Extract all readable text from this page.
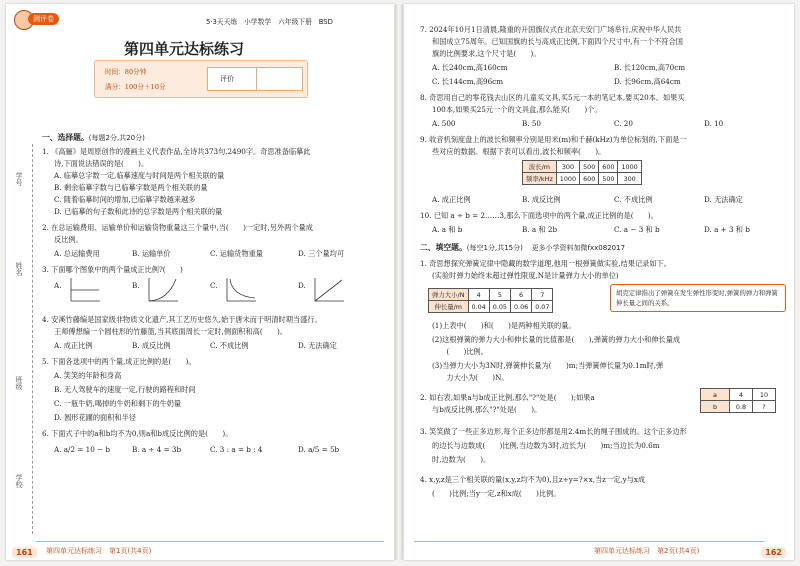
测评卷	5·3天天练　小学数学　六年级下册　BSD
第四单元达标练习
时间：80分钟
满分：100分＋10分
评价
学号
姓名
班级
学校
一、选择题。(每题2分,共20分)
1. 《高骊》是周原创作的漫画主义代表作品,全诗共373句,2490字。奇思准备临摹此
诗,下面说法错误的是(　　)。
A. 临摹总字数一定,临摹速度与时间是两个相关联的量
B. 剩余临摹字数与已临摹字数是两个相关联的量
C. 随着临摹时间的增加,已临摹字数越来越多
D. 已临摹的句子数和此诗的总字数是两个相关联的量
2. 在总运输费用、运输单价和运输货物重量这三个量中,当(　　)一定时,另外两个量成
反比例。
A. 总运输费用	B. 运输单价	C. 运输货物重量	D. 三个量均可
3. 下面哪个图象中的两个量成正比例?(　　)
A.	B.	C.	D.
4. 安溪竹藤编是国家级非物质文化遗产,其工艺历史悠久,始于唐末而于明清时期当盛行。
王师傅想编一个圆柱形的竹藤篮,当其底面周长一定时,侧面积和高(　　)。
A. 成正比例	B. 成反比例	C. 不成比例	D. 无法确定
5. 下面各选项中的两个量,成正比例的是(　　)。
A. 笑笑的年龄和身高
B. 无人驾驶车的速度一定,行驶的路程和时间
C. 一瓶牛奶,喝掉的牛奶和剩下的牛奶量
D. 圆形花圃的面积和半径
6. 下面式子中的a和b均不为0,则a和b成反比例的是(　　)。
A. a/2 = 10 − b	B. a ÷ 4 = 3b	C. 3 : a = b : 4	D. a/5 = 5b
161	第四单元达标练习　第1页(共4页)
7. 2024年10月1日清晨,隆重的升国旗仪式在北京天安门广场举行,庆祝中华人民共
和国成立75周年。已知国旗的长与高成正比例,下面四个尺寸中,有一个不符合国
旗的比例要求,这个尺寸是(　　)。
A. 长240cm,高160cm	B. 长120cm,高70cm
C. 长144cm,高96cm	D. 长96cm,高64cm
8. 奇思用自己的零花钱去山区的儿童买文具,买5元一本的笔记本,要买20本。如果买
100本,如果买25元一个的文具盒,那么能买(　　)个。
A. 500	B. 50	C. 20	D. 10
9. 收音机刻度盘上的波长和频率分别是用米(m)和千赫(kHz)为单位标刻的,下面是一
些对应的数据。根据下表可以看出,波长和频率(　　)。
波长/m	300	500	600	1000
频率/kHz	1000	600	500	300
A. 成正比例	B. 成反比例	C. 不成比例	D. 无法确定
10. 已知 a ÷ b = 2……3,那么下面选项中的两个量,成正比例的是(　　)。
A. a 和 b	B. a 和 2b	C. a − 3 和 b	D. a + 3 和 b
二、填空题。(每空1分,共15分) 更多小学资料加微fxx082017
1. 奇思想探究弹簧定律中隐藏的数学道理,他用一根弹簧做实验,结果记录如下。
(实验时弹力始终未超过弹性限度,N是计量弹力大小的单位)
弹力大小/N	4	5	6	7
伸长量/m	0.04	0.05	0.06	0.07
胡克定律指出了弹簧在发生弹性形变时,弹簧的弹力和弹簧伸长量之间的关系。
(1)上表中(　　)和(　　)是两种相关联的量。
(2)这根弹簧的弹力大小和伸长量的比值都是(　　),弹簧的弹力大小和伸长量成
　　(　　)比例。
(3)当弹力大小为3N时,弹簧伸长量为(　　)m;当弹簧伸长量为0.1m时,弹
　　力大小为(　　)N。
2. 如右表,如果a与b成正比例,那么"?"处是(　　);如果a
与b成反比例,那么"?"处是(　　)。
a	4	10
b	0.8	?
3. 笑笑做了一些正多边形,每个正多边形都是用2.4m长的绳子围成的。这个正多边形
的边长与边数成(　　)比例,当边数为3时,边长为(　　)m;当边长为0.6m
时,边数为(　　)。
4. x,y,z是三个相关联的量(x,y,z均不为0),且z÷y=?×x,当z一定,y与x成
(　　)比例;当y一定,z和x成(　　)比例。
第四单元达标练习　第2页(共4页)	162
